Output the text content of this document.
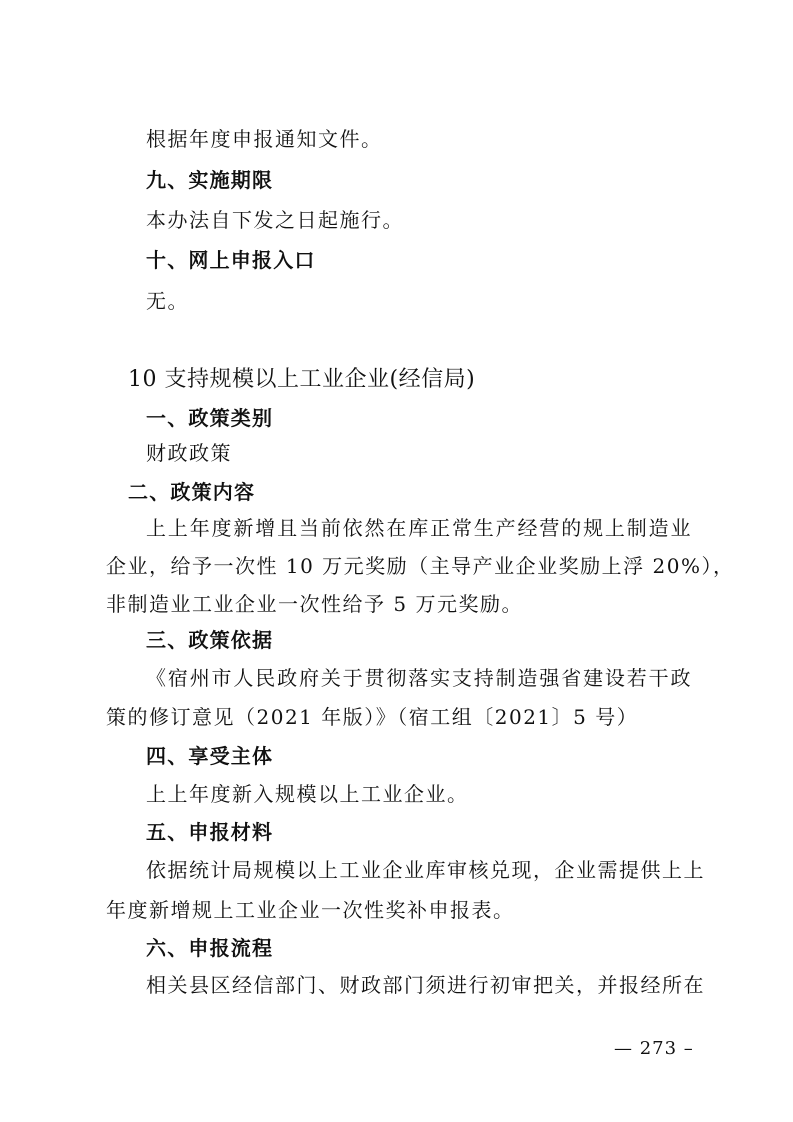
根据年度申报通知文件。
九、实施期限
本办法自下发之日起施行。
十、网上申报入口
无。
10 支持规模以上工业企业(经信局)
一、政策类别
财政政策
二、政策内容
上上年度新增且当前依然在库正常生产经营的规上制造业
企业，给予一次性 10 万元奖励（主导产业企业奖励上浮 20%），
非制造业工业企业一次性给予 5 万元奖励。
三、政策依据
《宿州市人民政府关于贯彻落实支持制造强省建设若干政
策的修订意见（2021 年版）》（宿工组〔2021〕5 号）
四、享受主体
上上年度新入规模以上工业企业。
五、申报材料
依据统计局规模以上工业企业库审核兑现，企业需提供上上
年度新增规上工业企业一次性奖补申报表。
六、申报流程
相关县区经信部门、财政部门须进行初审把关，并报经所在
— 273 –
